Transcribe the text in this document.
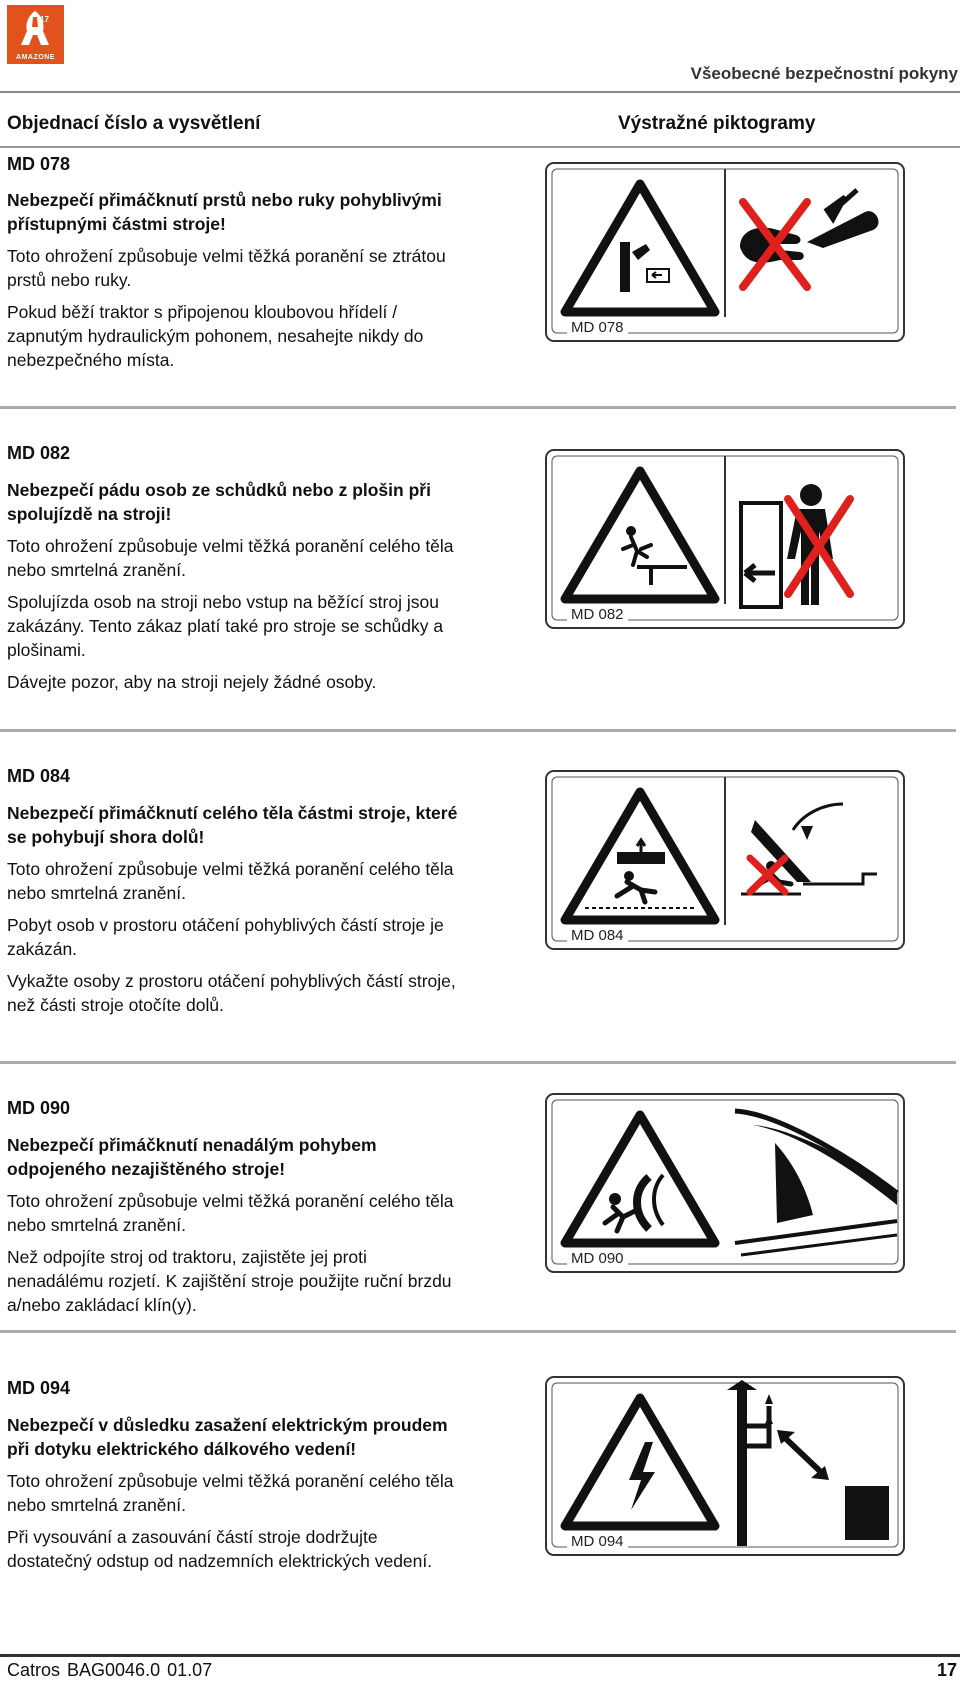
17
AMAZONE
Všeobecné bezpečnostní pokyny
Objednací číslo a vysvětlení	Výstražné piktogramy
MD 078

Nebezpečí přimáčknutí prstů nebo ruky pohyblivými přístupnými částmi stroje!

Toto ohrožení způsobuje velmi těžká poranění se ztrátou prstů nebo ruky.

Pokud běží traktor s připojenou kloubovou hřídelí / zapnutým hydraulickým pohonem, nesahejte nikdy do nebezpečného místa.

MD 078
MD 082

Nebezpečí pádu osob ze schůdků nebo z plošin při spolujízdě na stroji!

Toto ohrožení způsobuje velmi těžká poranění celého těla nebo smrtelná zranění.

Spolujízda osob na stroji nebo vstup na běžící stroj jsou zakázány. Tento zákaz platí také pro stroje se schůdky a plošinami.

Dávejte pozor, aby na stroji nejely žádné osoby.

MD 082
MD 084

Nebezpečí přimáčknutí celého těla částmi stroje, které se pohybují shora dolů!

Toto ohrožení způsobuje velmi těžká poranění celého těla nebo smrtelná zranění.

Pobyt osob v prostoru otáčení pohyblivých částí stroje je zakázán.

Vykažte osoby z prostoru otáčení pohyblivých částí stroje, než části stroje otočíte dolů.

MD 084
MD 090

Nebezpečí přimáčknutí nenadálým pohybem odpojeného nezajištěného stroje!

Toto ohrožení způsobuje velmi těžká poranění celého těla nebo smrtelná zranění.

Než odpojíte stroj od traktoru, zajistěte jej proti nenadálému rozjetí. K zajištění stroje použijte ruční brzdu a/nebo zakládací klín(y).

MD 090
MD 094

Nebezpečí v důsledku zasažení elektrickým proudem při dotyku elektrického dálkového vedení!

Toto ohrožení způsobuje velmi těžká poranění celého těla nebo smrtelná zranění.

Při vysouvání a zasouvání částí stroje dodržujte dostatečný odstup od nadzemních elektrických vedení.

MD 094
Catros BAG0046.0 01.07	17
